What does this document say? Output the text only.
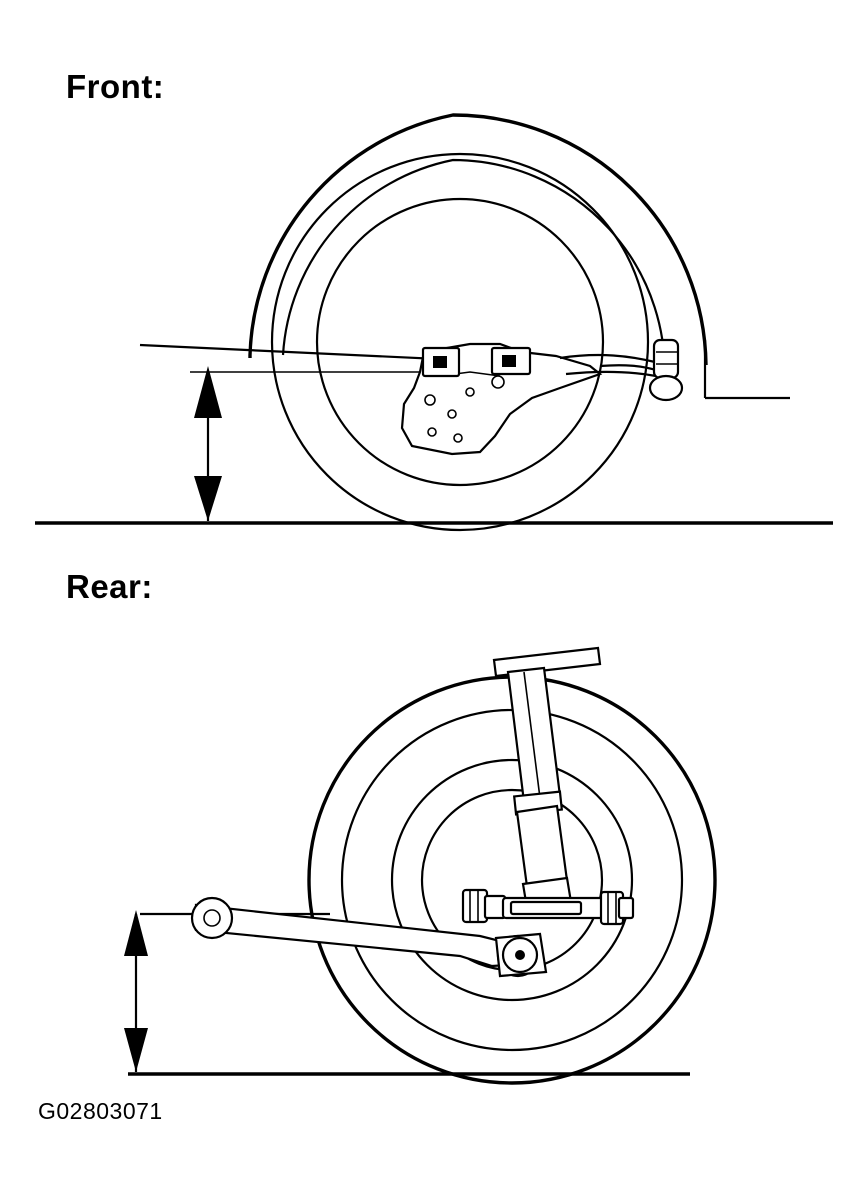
Front:
Rear:
G02803071
